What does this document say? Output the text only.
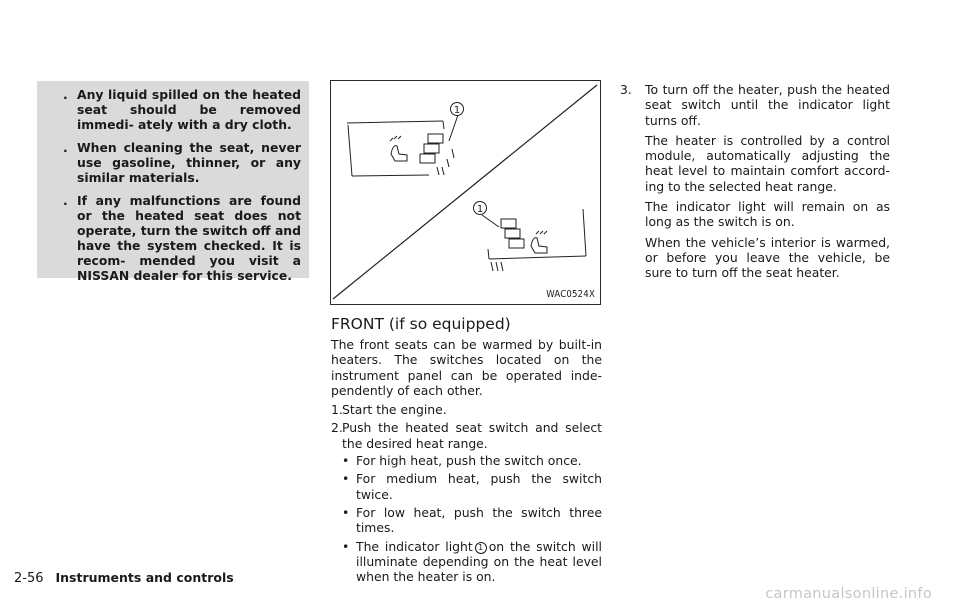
. Any liquid spilled on the heated seat should be removed immedi- ately with a dry cloth.
. When cleaning the seat, never use gasoline, thinner, or any similar materials.
. If any malfunctions are found or the heated seat does not operate, turn the switch off and have the system checked. It is recom- mended you visit a NISSAN dealer for this service.
1
1
WAC0524X
FRONT (if so equipped)

The front seats can be warmed by built-in heaters. The switches located on the instrument panel can be operated inde- pendently of each other.

1. Start the engine.
2. Push the heated seat switch and select the desired heat range.
• For high heat, push the switch once.
• For medium heat, push the switch twice.
• For low heat, push the switch three times.
• The indicator light 1 on the switch will illuminate depending on the heat level when the heater is on.
3. To turn off the heater, push the heated seat switch until the indicator light turns off.

The heater is controlled by a control module, automatically adjusting the heat level to maintain comfort accord- ing to the selected heat range.

The indicator light will remain on as long as the switch is on.

When the vehicle’s interior is warmed, or before you leave the vehicle, be sure to turn off the seat heater.

2-56 Instruments and controls
carmanualsonline.info
